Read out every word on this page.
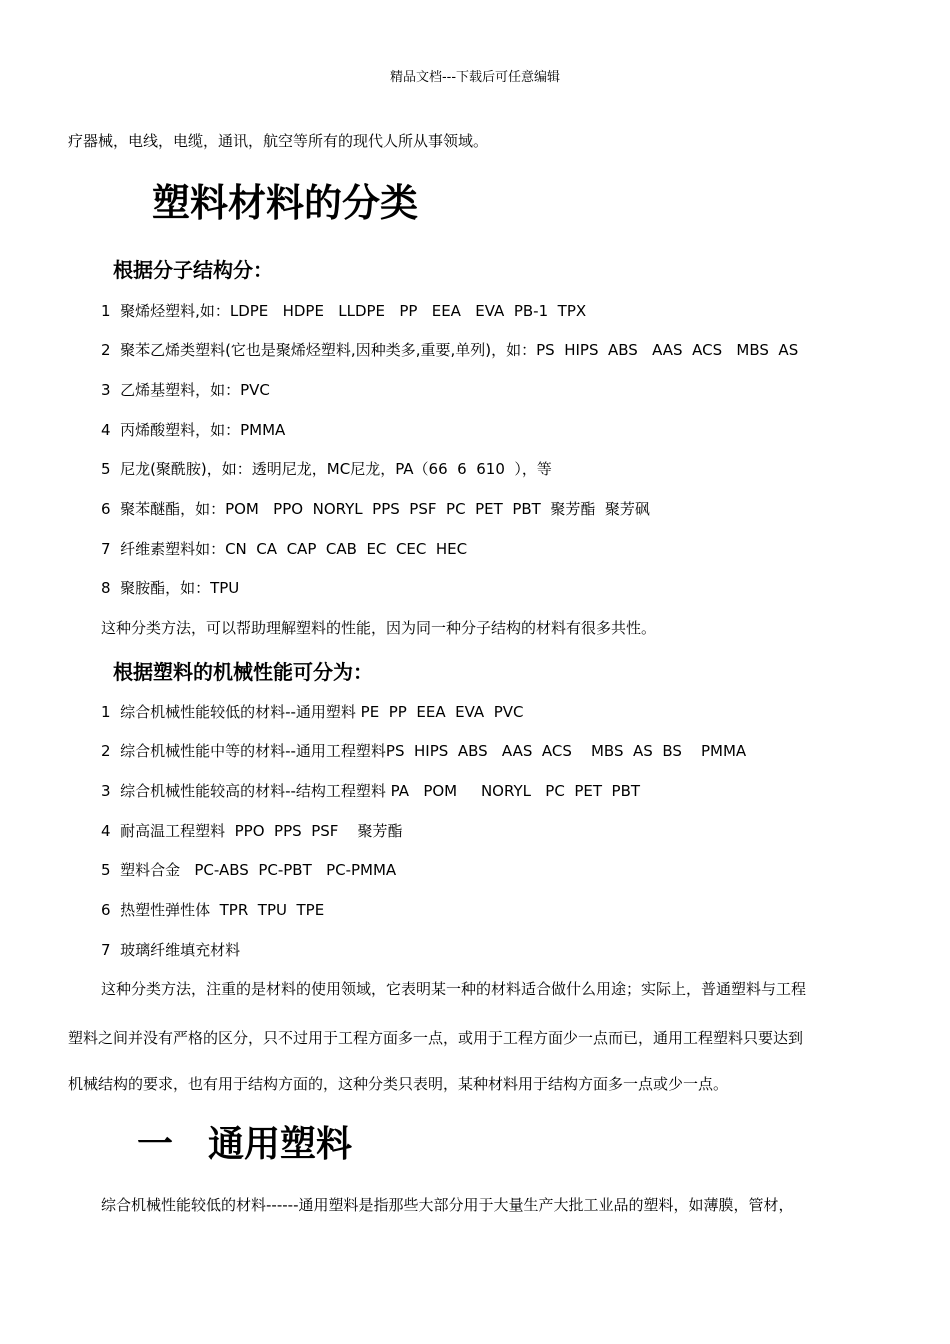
精品文档---下载后可任意编辑
疗器械，电线，电缆，通讯，航空等所有的现代人所从事领域。
塑料材料的分类
根据分子结构分：
1  聚烯烃塑料,如：LDPE   HDPE   LLDPE   PP   EEA   EVA  PB-1  TPX
2  聚苯乙烯类塑料(它也是聚烯烃塑料,因种类多,重要,单列)，如：PS  HIPS  ABS   AAS  ACS   MBS  AS
3  乙烯基塑料，如：PVC
4  丙烯酸塑料，如：PMMA
5  尼龙(聚酰胺)，如：透明尼龙，MC尼龙，PA（66  6  610  ），等
6  聚苯醚酯，如：POM   PPO  NORYL  PPS  PSF  PC  PET  PBT  聚芳酯  聚芳砜
7  纤维素塑料如：CN  CA  CAP  CAB  EC  CEC  HEC
8  聚胺酯，如：TPU
这种分类方法，可以帮助理解塑料的性能，因为同一种分子结构的材料有很多共性。
根据塑料的机械性能可分为：
1  综合机械性能较低的材料--通用塑料 PE  PP  EEA  EVA  PVC
2  综合机械性能中等的材料--通用工程塑料PS  HIPS  ABS   AAS  ACS    MBS  AS  BS    PMMA
3  综合机械性能较高的材料--结构工程塑料 PA   POM     NORYL   PC  PET  PBT
4  耐高温工程塑料  PPO  PPS  PSF    聚芳酯
5  塑料合金   PC-ABS  PC-PBT   PC-PMMA
6  热塑性弹性体  TPR  TPU  TPE
7  玻璃纤维填充材料
这种分类方法，注重的是材料的使用领域，它表明某一种的材料适合做什么用途；实际上，普通塑料与工程
塑料之间并没有严格的区分，只不过用于工程方面多一点，或用于工程方面少一点而已，通用工程塑料只要达到
机械结构的要求，也有用于结构方面的，这种分类只表明，某种材料用于结构方面多一点或少一点。
一 通用塑料
综合机械性能较低的材料------通用塑料是指那些大部分用于大量生产大批工业品的塑料，如薄膜，管材，
